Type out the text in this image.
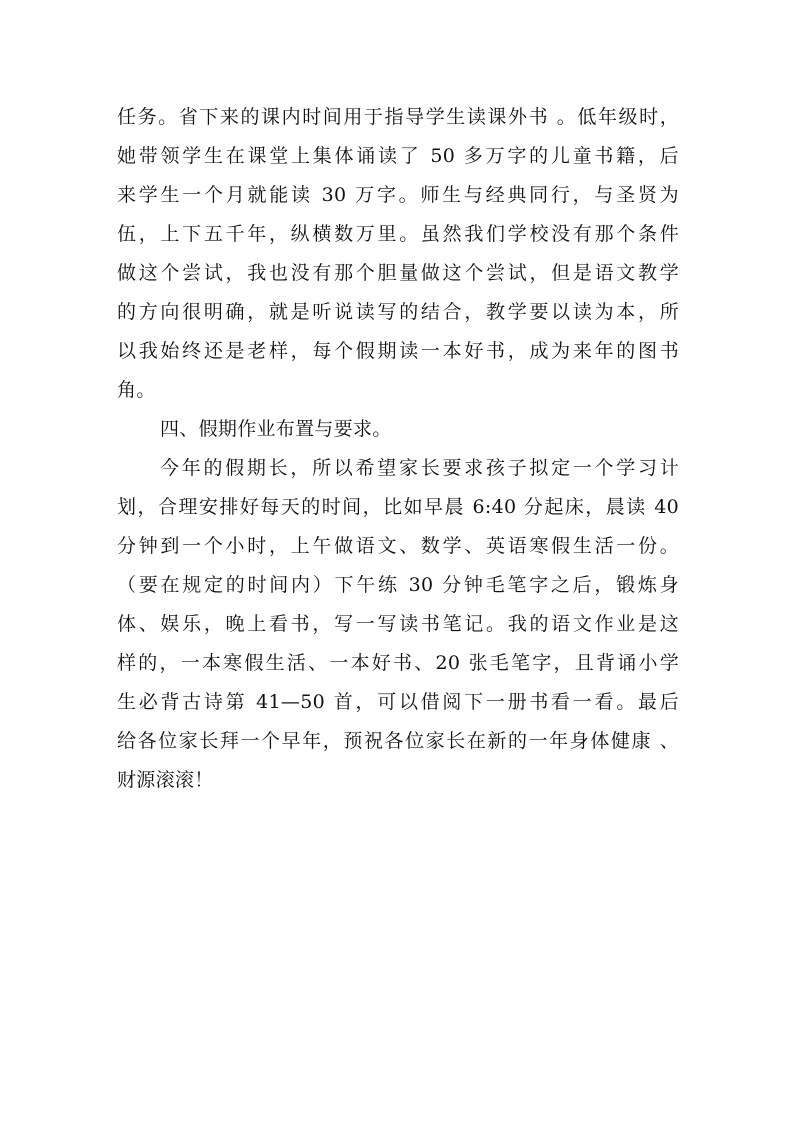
任务。省下来的课内时间用于指导学生读课外书 。低年级时，
她带领学生在课堂上集体诵读了 50 多万字的儿童书籍，后
来学生一个月就能读 30 万字。师生与经典同行，与圣贤为
伍，上下五千年，纵横数万里。虽然我们学校没有那个条件
做这个尝试，我也没有那个胆量做这个尝试，但是语文教学
的方向很明确，就是听说读写的结合，教学要以读为本，所
以我始终还是老样，每个假期读一本好书，成为来年的图书
角。
四、假期作业布置与要求。
今年的假期长，所以希望家长要求孩子拟定一个学习计
划，合理安排好每天的时间，比如早晨 6:40 分起床，晨读 40
分钟到一个小时，上午做语文、数学、英语寒假生活一份。
（要在规定的时间内）下午练 30 分钟毛笔字之后，锻炼身
体、娱乐，晚上看书，写一写读书笔记。我的语文作业是这
样的，一本寒假生活、一本好书、20 张毛笔字，且背诵小学
生必背古诗第 41—50 首，可以借阅下一册书看一看。最后
给各位家长拜一个早年，预祝各位家长在新的一年身体健康 、
财源滚滚！
